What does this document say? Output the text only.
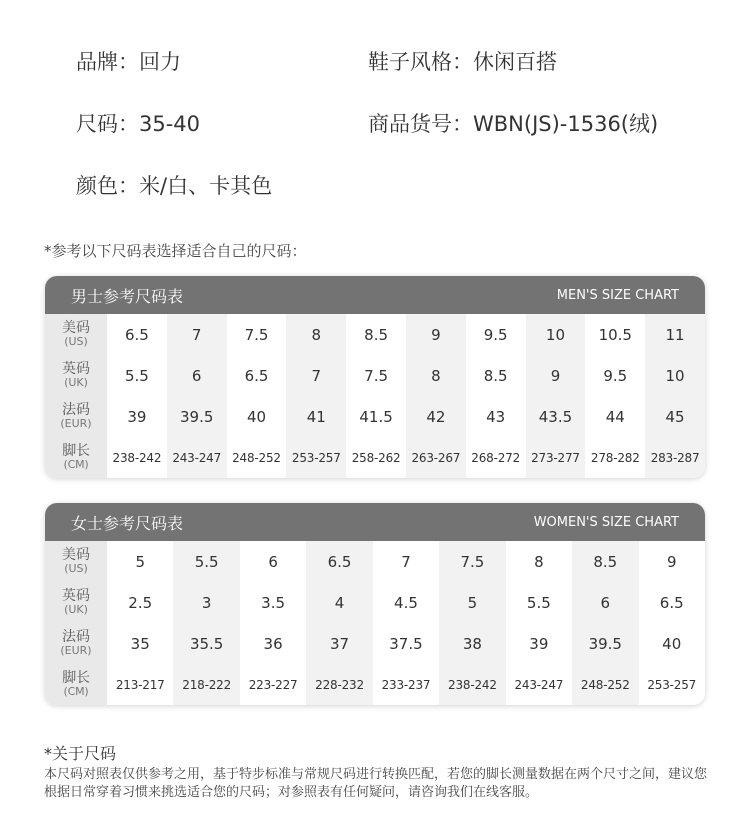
品牌：回力	鞋子风格：休闲百搭
尺码：35-40	商品货号：WBN(JS)-1536(绒)
颜色：米/白、卡其色
*参考以下尺码表选择适合自己的尺码：
男士参考尺码表	MEN'S SIZE CHART
美码
(US)	6.5	7	7.5	8	8.5	9	9.5	10	10.5	11
英码
(UK)	5.5	6	6.5	7	7.5	8	8.5	9	9.5	10
法码
(EUR)	39	39.5	40	41	41.5	42	43	43.5	44	45
脚长
(CM)
238-242 243-247 248-252 253-257 258-262 263-267 268-272 273-277 278-282 283-287
女士参考尺码表	WOMEN'S SIZE CHART
美码
(US)	5	5.5	6	6.5	7	7.5	8	8.5	9
英码
(UK)	2.5	3	3.5	4	4.5	5	5.5	6	6.5
法码
(EUR)	35	35.5	36	37	37.5	38	39	39.5	40
脚长
(CM)
213-217	218-222	223-227	228-232	233-237	238-242	243-247	248-252	253-257
*关于尺码
本尺码对照表仅供参考之用，基于特步标准与常规尺码进行转换匹配，若您的脚长测量数据在两个尺寸之间，建议您根据日常穿着习惯来挑选适合您的尺码；对参照表有任何疑问，请咨询我们在线客服。
